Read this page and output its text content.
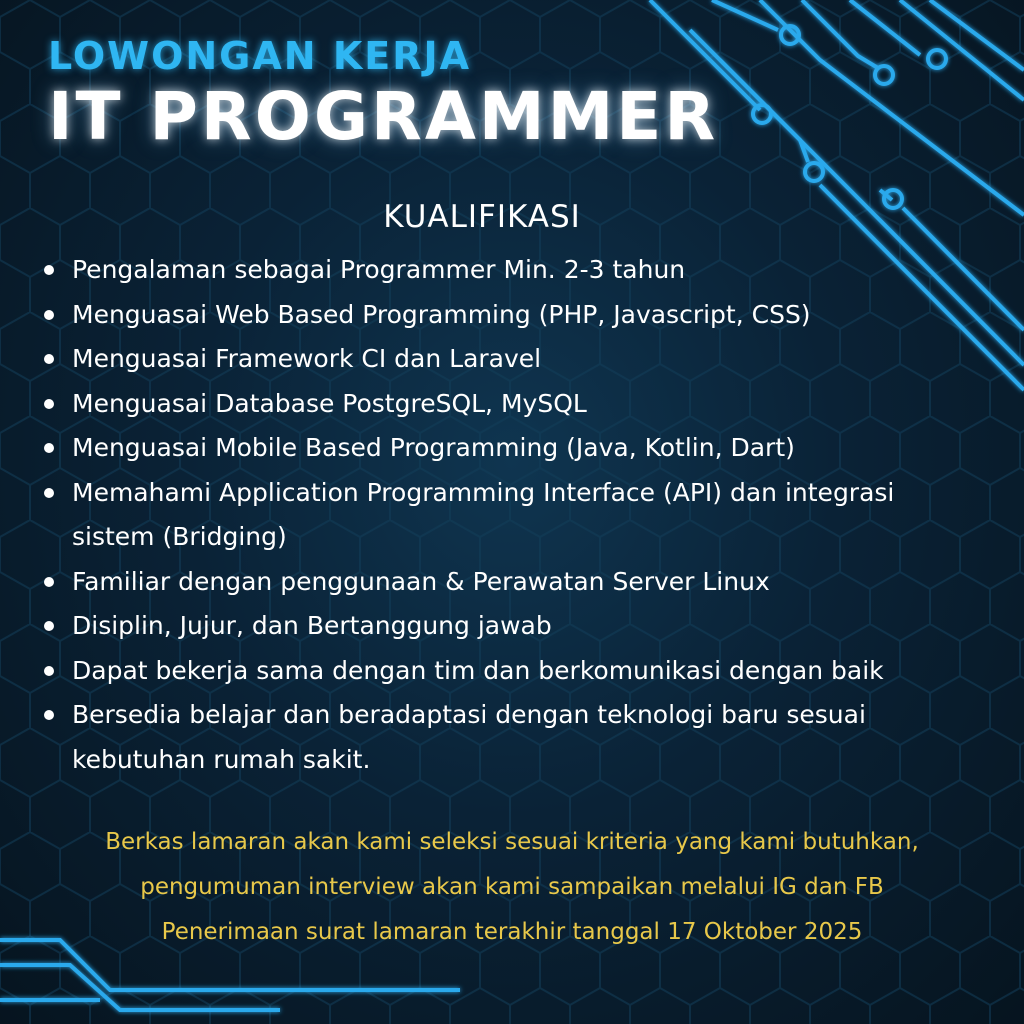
LOWONGAN KERJA
IT PROGRAMMER
KUALIFIKASI
Pengalaman sebagai Programmer Min. 2-3 tahun
Menguasai Web Based Programming (PHP, Javascript, CSS)
Menguasai Framework CI dan Laravel
Menguasai Database PostgreSQL, MySQL
Menguasai Mobile Based Programming (Java, Kotlin, Dart)
Memahami Application Programming Interface (API) dan integrasi
sistem (Bridging)
Familiar dengan penggunaan & Perawatan Server Linux
Disiplin, Jujur, dan Bertanggung jawab
Dapat bekerja sama dengan tim dan berkomunikasi dengan baik
Bersedia belajar dan beradaptasi dengan teknologi baru sesuai
kebutuhan rumah sakit.
Berkas lamaran akan kami seleksi sesuai kriteria yang kami butuhkan,
pengumuman interview akan kami sampaikan melalui IG dan FB
Penerimaan surat lamaran terakhir tanggal 17 Oktober 2025
